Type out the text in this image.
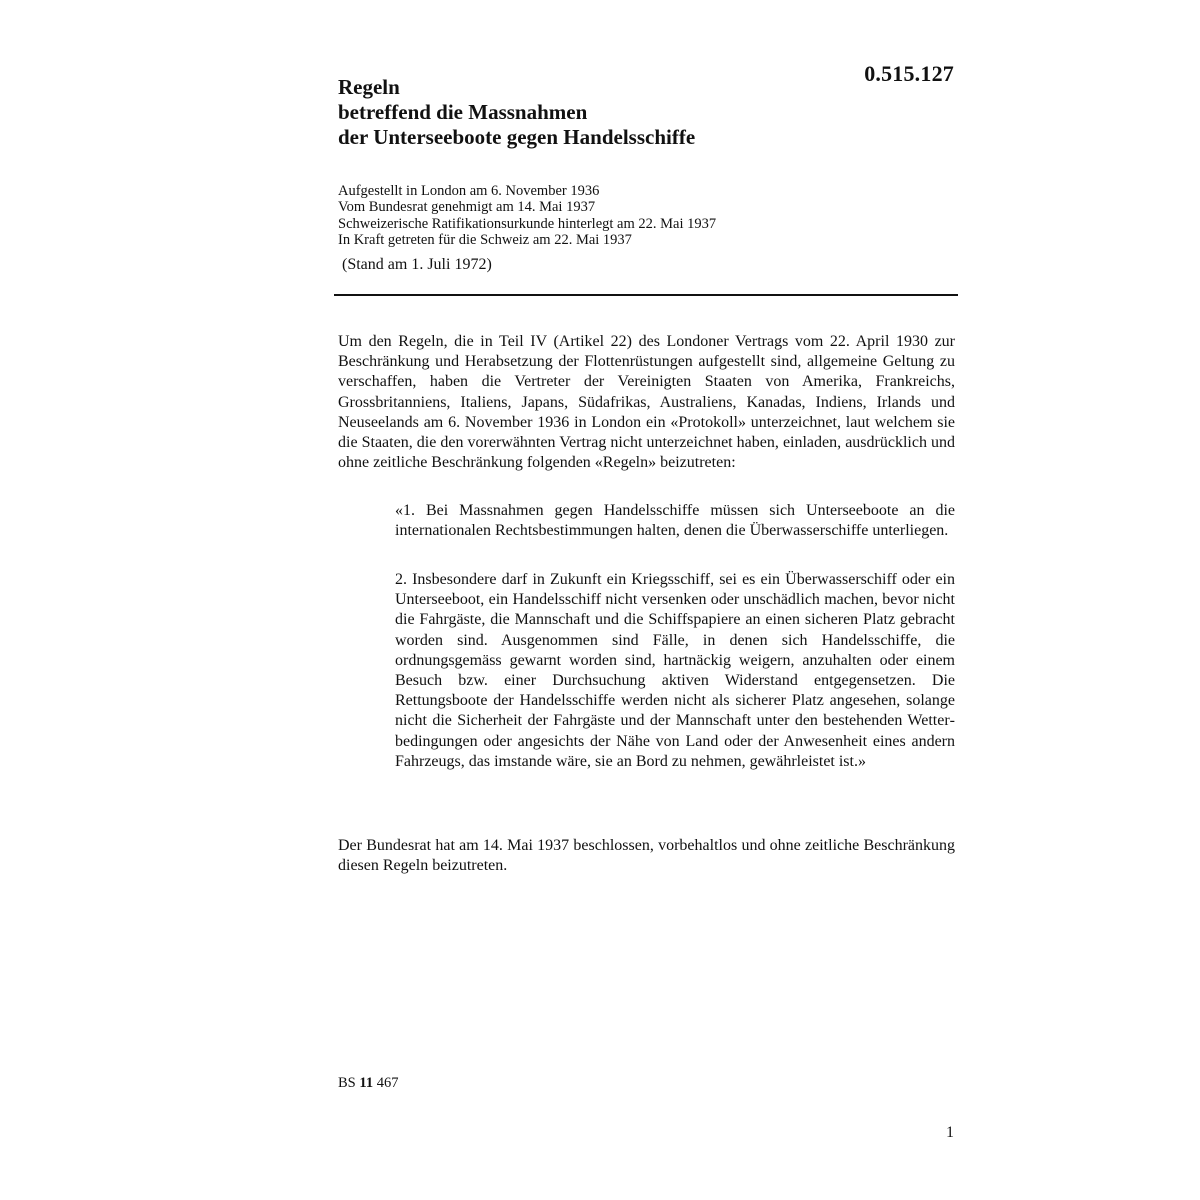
0.515.127
Regeln
betreffend die Massnahmen
der Unterseeboote gegen Handelsschiffe
Aufgestellt in London am 6. November 1936
Vom Bundesrat genehmigt am 14. Mai 1937
Schweizerische Ratifikationsurkunde hinterlegt am 22. Mai 1937
In Kraft getreten für die Schweiz am 22. Mai 1937
(Stand am 1. Juli 1972)

Um den Regeln, die in Teil IV (Artikel 22) des Londoner Vertrags vom 22. April 1930 zur Beschränkung und Herabsetzung der Flottenrüstungen aufgestellt sind, allgemeine Geltung zu verschaffen, haben die Vertreter der Vereinigten Staaten von Amerika, Frankreichs, Grossbritanniens, Italiens, Japans, Südafrikas, Australiens, Kanadas, Indiens, Irlands und Neuseelands am 6. November 1936 in London ein «Protokoll» unterzeichnet, laut welchem sie die Staaten, die den vorerwähnten Vertrag nicht unterzeichnet haben, einladen, ausdrücklich und ohne zeitliche Beschränkung folgenden «Regeln» beizutreten:

«1. Bei Massnahmen gegen Handelsschiffe müssen sich Unterseeboote an die internationalen Rechtsbestimmungen halten, denen die Überwasserschiffe unterliegen.

2. Insbesondere darf in Zukunft ein Kriegsschiff, sei es ein Überwasserschiff oder ein Unterseeboot, ein Handelsschiff nicht versenken oder unschädlich machen, bevor nicht die Fahrgäste, die Mannschaft und die Schiffspapiere an einen sicheren Platz gebracht worden sind. Ausgenommen sind Fälle, in denen sich Handelsschiffe, die ordnungsgemäss gewarnt worden sind, hartnäckig weigern, anzuhalten oder einem Besuch bzw. einer Durchsuchung aktiven Widerstand entgegensetzen. Die Rettungsboote der Handelsschiffe werden nicht als sicherer Platz angesehen, solange nicht die Sicherheit der Fahrgäste und der Mannschaft unter den bestehenden Wetterbedingungen oder angesichts der Nähe von Land oder der Anwesenheit eines andern Fahrzeugs, das imstande wäre, sie an Bord zu nehmen, gewährleistet ist.»

Der Bundesrat hat am 14. Mai 1937 beschlossen, vorbehaltlos und ohne zeitliche Beschränkung diesen Regeln beizutreten.

BS 11 467
1
